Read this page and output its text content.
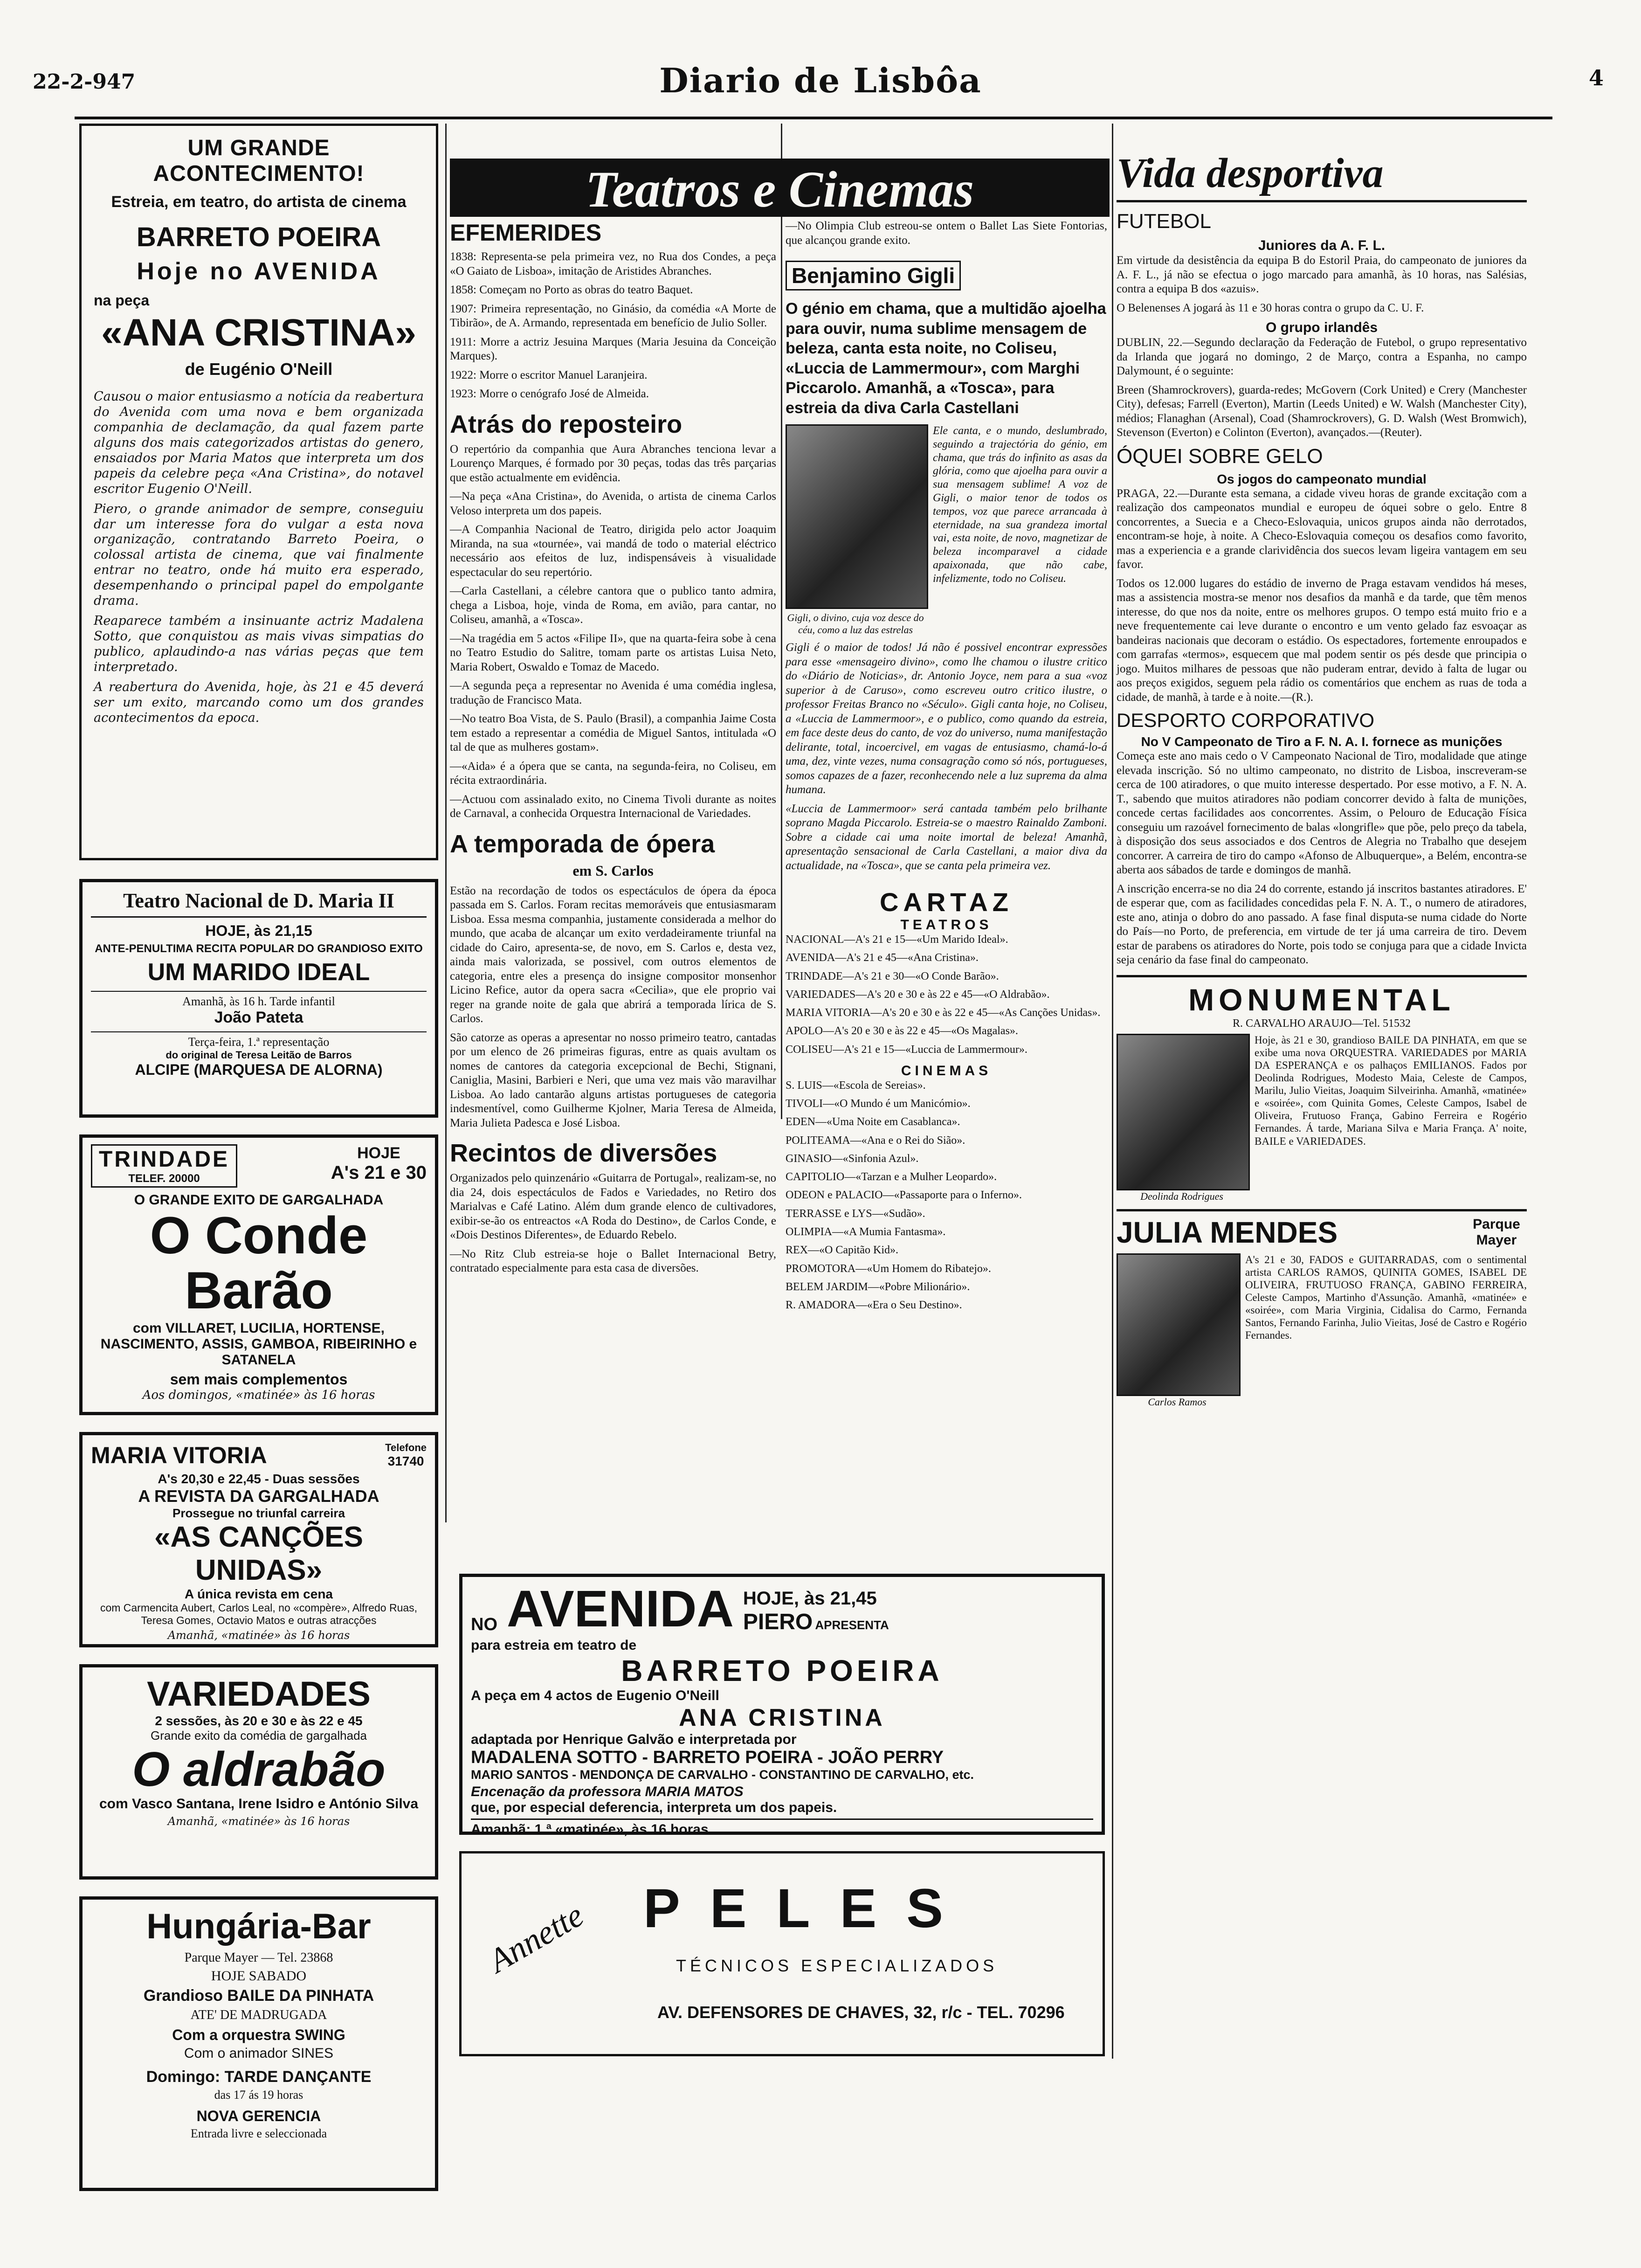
22-2-947	Diario de Lisbôa	4
UM GRANDE ACONTECIMENTO!
Estreia, em teatro, do artista de cinema
BARRETO POEIRA
Hoje no AVENIDA
na peça
«ANA CRISTINA»
de Eugénio O'Neill

Causou o maior entusiasmo a notícia da reabertura do Avenida com uma nova e bem organizada companhia de declamação, da qual fazem parte alguns dos mais categorizados artistas do genero, ensaiados por Maria Matos que interpreta um dos papeis da celebre peça «Ana Cristina», do notavel escritor Eugenio O'Neill.

Piero, o grande animador de sempre, conseguiu dar um interesse fora do vulgar a esta nova organização, contratando Barreto Poeira, o colossal artista de cinema, que vai finalmente entrar no teatro, onde há muito era esperado, desempenhando o principal papel do empolgante drama.

Reaparece também a insinuante actriz Madalena Sotto, que conquistou as mais vivas simpatias do publico, aplaudindo-a nas várias peças que tem interpretado.

A reabertura do Avenida, hoje, às 21 e 45 deverá ser um exito, marcando como um dos grandes acontecimentos da epoca.

Teatro Nacional de D. Maria II
HOJE, às 21,15
ANTE-PENULTIMA RECITA POPULAR DO GRANDIOSO EXITO
UM MARIDO IDEAL
Amanhã, às 16 h. Tarde infantil
João Pateta
Terça-feira, 1.ª representação
do original de Teresa Leitão de Barros
ALCIPE (MARQUESA DE ALORNA)
TRINDADE
TELEF. 20000
HOJE
A's 21 e 30
O GRANDE EXITO DE GARGALHADA
O Conde Barão
com VILLARET, LUCILIA, HORTENSE, NASCIMENTO, ASSIS, GAMBOA, RIBEIRINHO e SATANELA
sem mais complementos
Aos domingos, «matinée» às 16 horas
MARIA VITORIA	Telefone
31740
A's 20,30 e 22,45 - Duas sessões
A REVISTA DA GARGALHADA
Prossegue no triunfal carreira
«AS CANÇÕES UNIDAS»
A única revista em cena
com Carmencita Aubert, Carlos Leal, no «compère», Alfredo Ruas, Teresa Gomes, Octavio Matos e outras atracções
Amanhã, «matinée» às 16 horas
VARIEDADES
2 sessões, às 20 e 30 e às 22 e 45
Grande exito da comédia de gargalhada
O aldrabão
com Vasco Santana, Irene Isidro e António Silva
Amanhã, «matinée» às 16 horas
Hungária-Bar
Parque Mayer — Tel. 23868
HOJE SABADO
Grandioso BAILE DA PINHATA
ATE' DE MADRUGADA
Com a orquestra SWING
Com o animador SINES
Domingo: TARDE DANÇANTE
das 17 ás 19 horas
NOVA GERENCIA
Entrada livre e seleccionada
Teatros e Cinemas
EFEMERIDES

1838: Representa-se pela primeira vez, no Rua dos Condes, a peça «O Gaiato de Lisboa», imitação de Aristides Abranches.

1858: Começam no Porto as obras do teatro Baquet.

1907: Primeira representação, no Ginásio, da comédia «A Morte de Tibirão», de A. Armando, representada em benefício de Julio Soller.

1911: Morre a actriz Jesuina Marques (Maria Jesuina da Conceição Marques).

1922: Morre o escritor Manuel Laranjeira.

1923: Morre o cenógrafo José de Almeida.

Atrás do reposteiro

O repertório da companhia que Aura Abranches tenciona levar a Lourenço Marques, é formado por 30 peças, todas das três parçarias que estão actualmente em evidência.

—Na peça «Ana Cristina», do Avenida, o artista de cinema Carlos Veloso interpreta um dos papeis.

—A Companhia Nacional de Teatro, dirigida pelo actor Joaquim Miranda, na sua «tournée», vai mandá de todo o material eléctrico necessário aos efeitos de luz, indispensáveis à visualidade espectacular do seu repertório.

—Carla Castellani, a célebre cantora que o publico tanto admira, chega a Lisboa, hoje, vinda de Roma, em avião, para cantar, no Coliseu, amanhã, a «Tosca».

—Na tragédia em 5 actos «Filipe II», que na quarta-feira sobe à cena no Teatro Estudio do Salitre, tomam parte os artistas Luisa Neto, Maria Robert, Oswaldo e Tomaz de Macedo.

—A segunda peça a representar no Avenida é uma comédia inglesa, tradução de Francisco Mata.

—No teatro Boa Vista, de S. Paulo (Brasil), a companhia Jaime Costa tem estado a representar a comédia de Miguel Santos, intitulada «O tal de que as mulheres gostam».

—«Aida» é a ópera que se canta, na segunda-feira, no Coliseu, em récita extraordinária.

—Actuou com assinalado exito, no Cinema Tivoli durante as noites de Carnaval, a conhecida Orquestra Internacional de Variedades.

A temporada de ópera
em S. Carlos

Estão na recordação de todos os espectáculos de ópera da época passada em S. Carlos. Foram recitas memoráveis que entusiasmaram Lisboa. Essa mesma companhia, justamente considerada a melhor do mundo, que acaba de alcançar um exito verdadeiramente triunfal na cidade do Cairo, apresenta-se, de novo, em S. Carlos e, desta vez, ainda mais valorizada, se possivel, com outros elementos de categoria, entre eles a presença do insigne compositor monsenhor Licino Refice, autor da opera sacra «Cecilia», que ele proprio vai reger na grande noite de gala que abrirá a temporada lírica de S. Carlos.

São catorze as operas a apresentar no nosso primeiro teatro, cantadas por um elenco de 26 primeiras figuras, entre as quais avultam os nomes de cantores da categoria excepcional de Bechi, Stignani, Caniglia, Masini, Barbieri e Neri, que uma vez mais vão maravilhar Lisboa. Ao lado cantarão alguns artistas portugueses de categoria indesmentível, como Guilherme Kjolner, Maria Teresa de Almeida, Maria Julieta Padesca e José Lisboa.

Recintos de diversões

Organizados pelo quinzenário «Guitarra de Portugal», realizam-se, no dia 24, dois espectáculos de Fados e Variedades, no Retiro dos Marialvas e Café Latino. Além dum grande elenco de cultivadores, exibir-se-ão os entreactos «A Roda do Destino», de Carlos Conde, e «Dois Destinos Diferentes», de Eduardo Rebelo.

—No Ritz Club estreia-se hoje o Ballet Internacional Betry, contratado especialmente para esta casa de diversões.

—No Olimpia Club estreou-se ontem o Ballet Las Siete Fontorias, que alcançou grande exito.

Benjamino Gigli
O génio em chama, que a multidão ajoelha para ouvir, numa sublime mensagem de beleza, canta esta noite, no Coliseu, «Luccia de Lammermour», com Marghi Piccarolo. Amanhã, a «Tosca», para estreia da diva Carla Castellani
Gigli, o divino, cuja voz desce do céu, como a luz das estrelas
Ele canta, e o mundo, deslumbrado, seguindo a trajectória do génio, em chama, que trás do infinito as asas da glória, como que ajoelha para ouvir a sua mensagem sublime! A voz de Gigli, o maior tenor de todos os tempos, voz que parece arrancada à eternidade, na sua grandeza imortal vai, esta noite, de novo, magnetizar de beleza incomparavel a cidade apaixonada, que não cabe, infelizmente, todo no Coliseu.

Gigli é o maior de todos! Já não é possivel encontrar expressões para esse «mensageiro divino», como lhe chamou o ilustre critico do «Diário de Noticias», dr. Antonio Joyce, nem para a sua «voz superior à de Caruso», como escreveu outro critico ilustre, o professor Freitas Branco no «Século». Gigli canta hoje, no Coliseu, a «Luccia de Lammermoor», e o publico, como quando da estreia, em face deste deus do canto, de voz do universo, numa manifestação delirante, total, incoercivel, em vagas de entusiasmo, chamá-lo-á uma, dez, vinte vezes, numa consagração como só nós, portugueses, somos capazes de a fazer, reconhecendo nele a luz suprema da alma humana.

«Luccia de Lammermoor» será cantada também pelo brilhante soprano Magda Piccarolo. Estreia-se o maestro Rainaldo Zamboni. Sobre a cidade cai uma noite imortal de beleza! Amanhã, apresentação sensacional de Carla Castellani, a maior diva da actualidade, na «Tosca», que se canta pela primeira vez.

CARTAZ
TEATROS

NACIONAL—A's 21 e 15—«Um Marido Ideal».

AVENIDA—A's 21 e 45—«Ana Cristina».

TRINDADE—A's 21 e 30—«O Conde Barão».

VARIEDADES—A's 20 e 30 e às 22 e 45—«O Aldrabão».

MARIA VITORIA—A's 20 e 30 e às 22 e 45—«As Canções Unidas».

APOLO—A's 20 e 30 e às 22 e 45—«Os Magalas».

COLISEU—A's 21 e 15—«Luccia de Lammermour».

CINEMAS

S. LUIS—«Escola de Sereias».

TIVOLI—«O Mundo é um Manicómio».

EDEN—«Uma Noite em Casablanca».

POLITEAMA—«Ana e o Rei do Sião».

GINASIO—«Sinfonia Azul».

CAPITOLIO—«Tarzan e a Mulher Leopardo».

ODEON e PALACIO—«Passaporte para o Inferno».

TERRASSE e LYS—«Sudão».

OLIMPIA—«A Mumia Fantasma».

REX—«O Capitão Kid».

PROMOTORA—«Um Homem do Ribatejo».

BELEM JARDIM—«Pobre Milionário».

R. AMADORA—«Era o Seu Destino».

NO AVENIDA HOJE, às 21,45
PIERO APRESENTA
para estreia em teatro de
BARRETO POEIRA
A peça em 4 actos de Eugenio O'Neill
ANA CRISTINA
adaptada por Henrique Galvão e interpretada por
MADALENA SOTTO - BARRETO POEIRA - JOÃO PERRY
MARIO SANTOS - MENDONÇA DE CARVALHO - CONSTANTINO DE CARVALHO, etc.
Encenação da professora MARIA MATOS
que, por especial deferencia, interpreta um dos papeis.
Amanhã: 1.ª «matinée», às 16 horas
Annette PELES
TÉCNICOS ESPECIALIZADOS
AV. DEFENSORES DE CHAVES, 32, r/c - TEL. 70296
Vida desportiva
FUTEBOL
Juniores da A. F. L.

Em virtude da desistência da equipa B do Estoril Praia, do campeonato de juniores da A. F. L., já não se efectua o jogo marcado para amanhã, às 10 horas, nas Salésias, contra a equipa B dos «azuis».

O Belenenses A jogará às 11 e 30 horas contra o grupo da C. U. F.

O grupo irlandês

DUBLIN, 22.—Segundo declaração da Federação de Futebol, o grupo representativo da Irlanda que jogará no domingo, 2 de Março, contra a Espanha, no campo Dalymount, é o seguinte:

Breen (Shamrockrovers), guarda-redes; McGovern (Cork United) e Crery (Manchester City), defesas; Farrell (Everton), Martin (Leeds United) e W. Walsh (Manchester City), médios; Flanaghan (Arsenal), Coad (Shamrockrovers), G. D. Walsh (West Bromwich), Stevenson (Everton) e Colinton (Everton), avançados.—(Reuter).

ÓQUEI SOBRE GELO
Os jogos do campeonato mundial

PRAGA, 22.—Durante esta semana, a cidade viveu horas de grande excitação com a realização dos campeonatos mundial e europeu de óquei sobre o gelo. Entre 8 concorrentes, a Suecia e a Checo-Eslovaquia, unicos grupos ainda não derrotados, encontram-se hoje, à noite. A Checo-Eslovaquia começou os desafios como favorito, mas a experiencia e a grande clarividência dos suecos levam ligeira vantagem em seu favor.

Todos os 12.000 lugares do estádio de inverno de Praga estavam vendidos há meses, mas a assistencia mostra-se menor nos desafios da manhã e da tarde, que têm menos interesse, do que nos da noite, entre os melhores grupos. O tempo está muito frio e a neve frequentemente cai leve durante o encontro e um vento gelado faz esvoaçar as bandeiras nacionais que decoram o estádio. Os espectadores, fortemente enroupados e com garrafas «termos», esquecem que mal podem sentir os pés desde que principia o jogo. Muitos milhares de pessoas que não puderam entrar, devido à falta de lugar ou aos preços exigidos, seguem pela rádio os comentários que enchem as ruas de toda a cidade, de manhã, à tarde e à noite.—(R.).

DESPORTO CORPORATIVO
No V Campeonato de Tiro a F. N. A. I. fornece as munições

Começa este ano mais cedo o V Campeonato Nacional de Tiro, modalidade que atinge elevada inscrição. Só no ultimo campeonato, no distrito de Lisboa, inscreveram-se cerca de 100 atiradores, o que muito interesse despertado. Por esse motivo, a F. N. A. T., sabendo que muitos atiradores não podiam concorrer devido à falta de munições, concede certas facilidades aos concorrentes. Assim, o Pelouro de Educação Física conseguiu um razoável fornecimento de balas «longrifle» que põe, pelo preço da tabela, à disposição dos seus associados e dos Centros de Alegria no Trabalho que desejem concorrer. A carreira de tiro do campo «Afonso de Albuquerque», a Belém, encontra-se aberta aos sábados de tarde e domingos de manhã.

A inscrição encerra-se no dia 24 do corrente, estando já inscritos bastantes atiradores. E' de esperar que, com as facilidades concedidas pela F. N. A. T., o numero de atiradores, este ano, atinja o dobro do ano passado. A fase final disputa-se numa cidade do Norte do País—no Porto, de preferencia, em virtude de ter já uma carreira de tiro. Devem estar de parabens os atiradores do Norte, pois todo se conjuga para que a cidade Invicta seja cenário da fase final do campeonato.

MONUMENTAL
R. CARVALHO ARAUJO—Tel. 51532
Deolinda Rodrigues
Hoje, às 21 e 30, grandioso BAILE DA PINHATA, em que se exibe uma nova ORQUESTRA. VARIEDADES por MARIA DA ESPERANÇA e os palhaços EMILIANOS. Fados por Deolinda Rodrigues, Modesto Maia, Celeste de Campos, Marilu, Julio Vieitas, Joaquim Silveirinha. Amanhã, «matinée» e «soirée», com Quinita Gomes, Celeste Campos, Isabel de Oliveira, Frutuoso França, Gabino Ferreira e Rogério Fernandes. Á tarde, Mariana Silva e Maria França. A' noite, BAILE e VARIEDADES.
JULIA MENDES	Parque Mayer
Carlos Ramos
A's 21 e 30, FADOS e GUITARRADAS, com o sentimental artista CARLOS RAMOS, QUINITA GOMES, ISABEL DE OLIVEIRA, FRUTUOSO FRANÇA, GABINO FERREIRA, Celeste Campos, Martinho d'Assunção. Amanhã, «matinée» e «soirée», com Maria Virginia, Cidalisa do Carmo, Fernanda Santos, Fernando Farinha, Julio Vieitas, José de Castro e Rogério Fernandes.
